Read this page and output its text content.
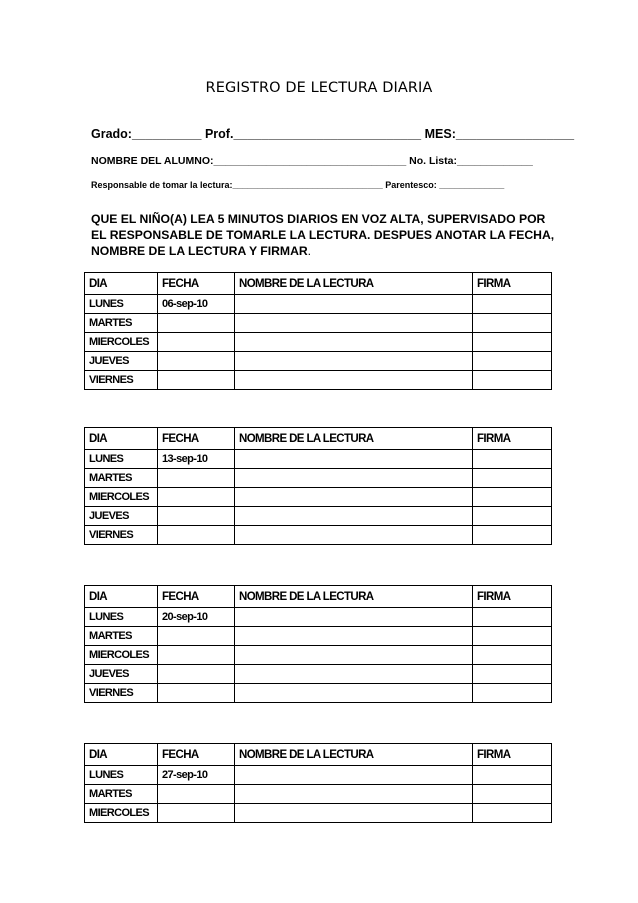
REGISTRO DE LECTURA DIARIA
Grado:__________ Prof.___________________________ MES:_________________
NOMBRE DEL ALUMNO:_________________________________ No. Lista:_____________
Responsable de tomar la lectura:______________________________ Parentesco: _____________
QUE EL NIÑO(A) LEA 5 MINUTOS DIARIOS EN VOZ ALTA, SUPERVISADO POR EL RESPONSABLE DE TOMARLE LA LECTURA. DESPUES ANOTAR LA FECHA, NOMBRE DE LA LECTURA Y FIRMAR.
DIA	FECHA	NOMBRE DE LA LECTURA	FIRMA
LUNES	06-sep-10		
MARTES			
MIERCOLES			
JUEVES			
VIERNES			
DIA	FECHA	NOMBRE DE LA LECTURA	FIRMA
LUNES	13-sep-10		
MARTES			
MIERCOLES			
JUEVES			
VIERNES			
DIA	FECHA	NOMBRE DE LA LECTURA	FIRMA
LUNES	20-sep-10		
MARTES			
MIERCOLES			
JUEVES			
VIERNES			
DIA	FECHA	NOMBRE DE LA LECTURA	FIRMA
LUNES	27-sep-10		
MARTES			
MIERCOLES			
